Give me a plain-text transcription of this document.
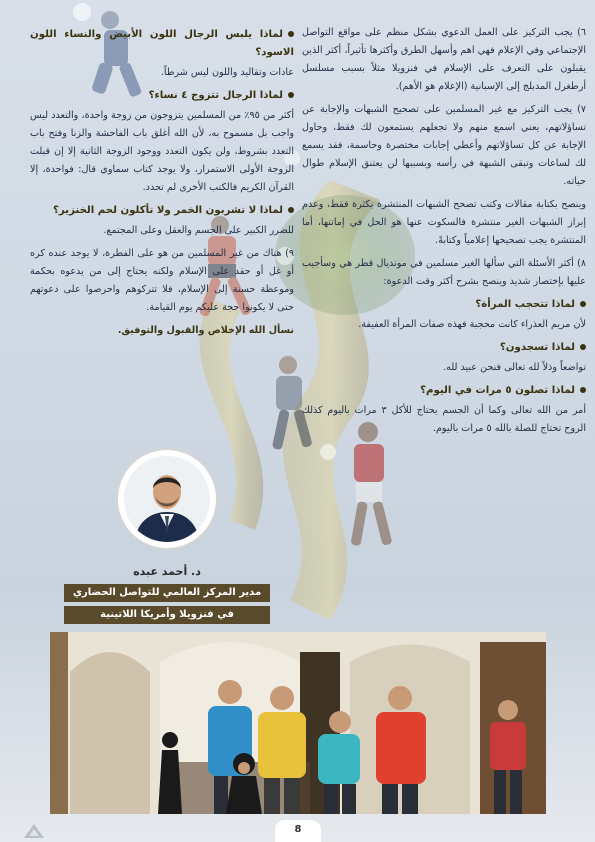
٦) يجب التركيز على العمل الدعوي بشكل منظم على مواقع التواصل الإجتماعي وفي الإعلام فهي اهم وأسهل الطرق وأكثرها تأثيراً، أكثر الذين يقبلون على التعرف على الإسلام في فنزويلا مثلاً بسبب مسلسل أرطغرل المدبلج إلى الإسبانية (الإعلام هو الأهم).

٧) يجب التركيز مع غير المسلمين على تصحيح الشبهات والإجابة عن تساؤلاتهم، يعني اسمع منهم ولا تجعلهم يستمعون لك فقط، وحاول الإجابة عن كل تساؤلاتهم وأعطي إجابات مختصرة وحاسمة، فقد يسمع لك لساعات وتبقى الشبهة في رأسه وبسببها لن يعتنق الإسلام طوال حياته.

وينصح بكتابة مقالات وكتب تصحح الشبهات المنتشرة بكثرة فقط، وعدم إبراز الشبهات الغير منتشرة فالسكوت عنها هو الحل في إماتتها، أما المنتشرة يجب تصحيحها إعلامياً وكتابةً.

٨) أكثر الأسئلة التي سألها الغير مسلمين في مونديال قطر هي وسأجيب عليها بإختصار شديد وينصح بشرح أكثر وقت الدعوة:

لماذا تتحجب المرأة؟

لأن مريم العذراء كانت محجبة فهذه صفات المرأة العفيفة.

لماذا تسجدون؟

تواضعاً وذلاً لله تعالى فنحن عبيد لله.

لماذا تصلون ٥ مرات في اليوم؟

أمر من الله تعالى وكما أن الجسم يحتاج للأكل ٣ مرات باليوم كذلك الروح تحتاج للصلة بالله ٥ مرات باليوم.

لماذا يلبس الرجال اللون الأبيض والنساء اللون الاسود؟

عادات وتقاليد واللون ليس شرطاً.

لماذا الرجال تتزوج ٤ نساء؟

أكثر من ٩٥٪ من المسلمين يتزوجون من زوجة واحدة، والتعدد ليس واجب بل مسموح به، لأن الله أغلق باب الفاحشة والزنا وفتح باب التعدد بشروط، ولن يكون التعدد ووجود الزوجة الثانية إلا إن قبلت الزوجة الأولى الاستمرار، ولا يوجد كتاب سماوي قال: فواحدة، إلا القرآن الكريم فالكتب الأخرى لم تحدد.

لماذا لا تشربون الخمر ولا تأكلون لحم الخنزير؟

للضرر الكبير على الجسم والعقل وعلى المجتمع.

٩) هناك من غير المسلمين من هو على الفطرة، لا يوجد عنده كره أو غل أو حقد على الإسلام ولكنه يحتاج إلى من يدعوه بحكمة وموعظة حسنة إلى الإسلام، فلا تتركوهم واحرصوا على دعوتهم حتى لا يكونوا حجة عليكم يوم القيامة.

نسأل الله الإخلاص والقبول والتوفيق.

د. أحمد عبده
مدير المركز العالمي للتواصل الحضاري
في فنزويلا وأمريكا اللاتينية
8
